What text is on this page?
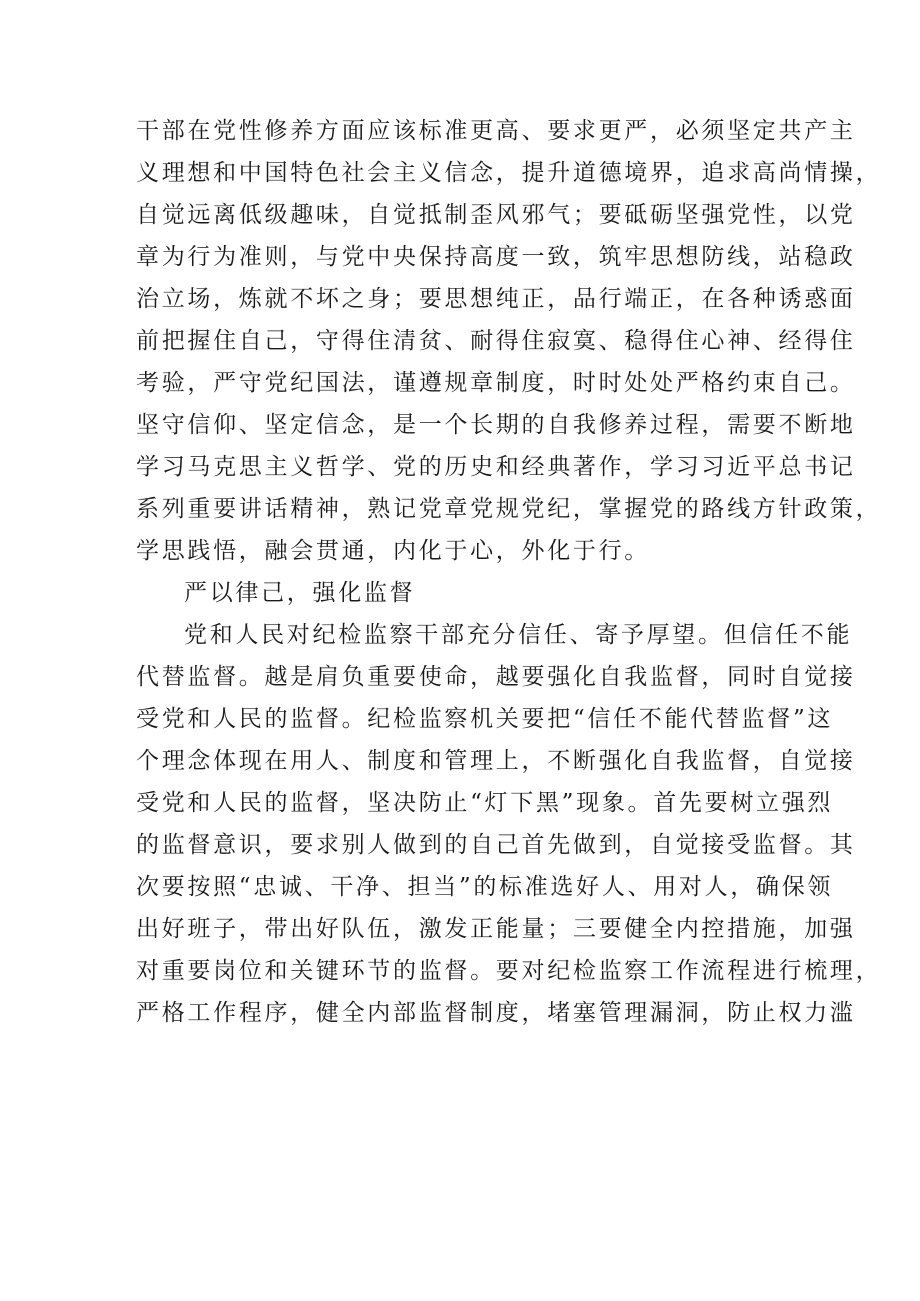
干部在党性修养方面应该标准更高、要求更严，必须坚定共产主
义理想和中国特色社会主义信念，提升道德境界，追求高尚情操，
自觉远离低级趣味，自觉抵制歪风邪气；要砥砺坚强党性，以党
章为行为准则，与党中央保持高度一致，筑牢思想防线，站稳政
治立场，炼就不坏之身；要思想纯正，品行端正，在各种诱惑面
前把握住自己，守得住清贫、耐得住寂寞、稳得住心神、经得住
考验，严守党纪国法，谨遵规章制度，时时处处严格约束自己。
坚守信仰、坚定信念，是一个长期的自我修养过程，需要不断地
学习马克思主义哲学、党的历史和经典著作，学习习近平总书记
系列重要讲话精神，熟记党章党规党纪，掌握党的路线方针政策，
学思践悟，融会贯通，内化于心，外化于行。
严以律己，强化监督
党和人民对纪检监察干部充分信任、寄予厚望。但信任不能
代替监督。越是肩负重要使命，越要强化自我监督，同时自觉接
受党和人民的监督。纪检监察机关要把“信任不能代替监督”这
个理念体现在用人、制度和管理上，不断强化自我监督，自觉接
受党和人民的监督，坚决防止“灯下黑”现象。首先要树立强烈
的监督意识，要求别人做到的自己首先做到，自觉接受监督。其
次要按照“忠诚、干净、担当”的标准选好人、用对人，确保领
出好班子，带出好队伍，激发正能量；三要健全内控措施，加强
对重要岗位和关键环节的监督。要对纪检监察工作流程进行梳理，
严格工作程序，健全内部监督制度，堵塞管理漏洞，防止权力滥
